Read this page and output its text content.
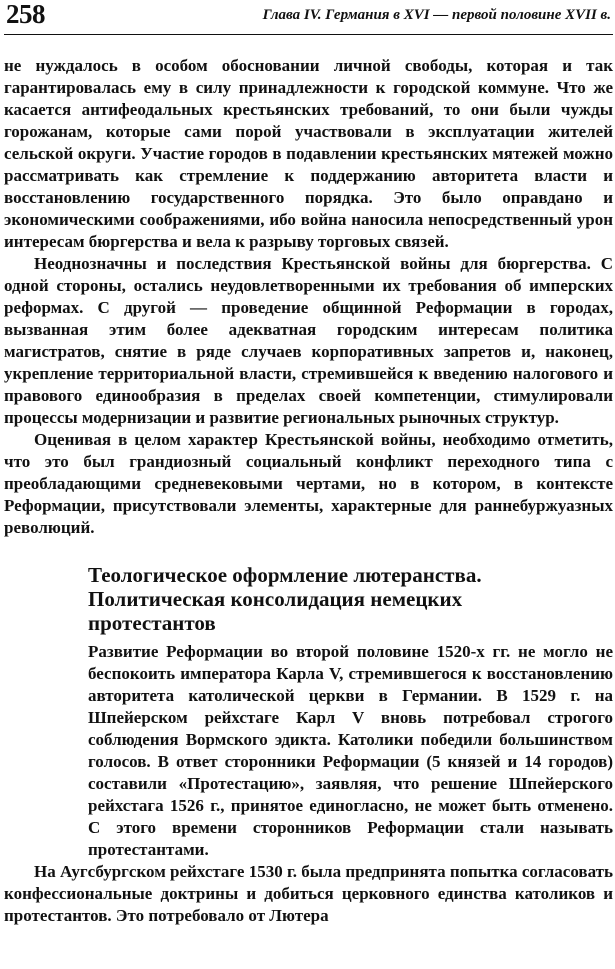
258	Глава IV. Германия в XVI — первой половине XVII в.

не нуждалось в особом обосновании личной свободы, которая и так гарантировалась ему в силу принадлежности к городской коммуне. Что же касается антифеодальных крестьянских требований, то они были чужды горожанам, которые сами порой участвовали в эксплуатации жителей сельской округи. Участие городов в подавлении крестьянских мятежей можно рассматривать как стремление к поддержанию авторитета власти и восстановлению государственного порядка. Это было оправдано и экономическими соображениями, ибо война наносила непосредственный урон интересам бюргерства и вела к разрыву торговых связей.

Неоднозначны и последствия Крестьянской войны для бюргерства. С одной стороны, остались неудовлетворенными их требования об имперских реформах. С другой — проведение общинной Реформации в городах, вызванная этим более адекватная городским интересам политика магистратов, снятие в ряде случаев корпоративных запретов и, наконец, укрепление территориальной власти, стремившейся к введению налогового и правового единообразия в пределах своей компетенции, стимулировали процессы модернизации и развитие региональных рыночных структур.

Оценивая в целом характер Крестьянской войны, необходимо отметить, что это был грандиозный социальный конфликт переходного типа с преобладающими средневековыми чертами, но в котором, в контексте Реформации, присутствовали элементы, характерные для раннебуржуазных революций.

Теологическое оформление лютеранства.
Политическая консолидация немецких
протестантов

Развитие Реформации во второй половине 1520-х гг. не могло не беспокоить императора Карла V, стремившегося к восстановлению авторитета католической церкви в Германии. В 1529 г. на Шпейерском рейхстаге Карл V вновь потребовал строгого соблюдения Вормского эдикта. Католики победили большинством голосов. В ответ сторонники Реформации (5 князей и 14 городов) составили «Протестацию», заявляя, что решение Шпейерского рейхстага 1526 г., принятое единогласно, не может быть отменено. С этого времени сторонников Реформации стали называть протестантами.

На Аугсбургском рейхстаге 1530 г. была предпринята попытка согласовать конфессиональные доктрины и добиться церковного единства католиков и протестантов. Это потребовало от Лютера
